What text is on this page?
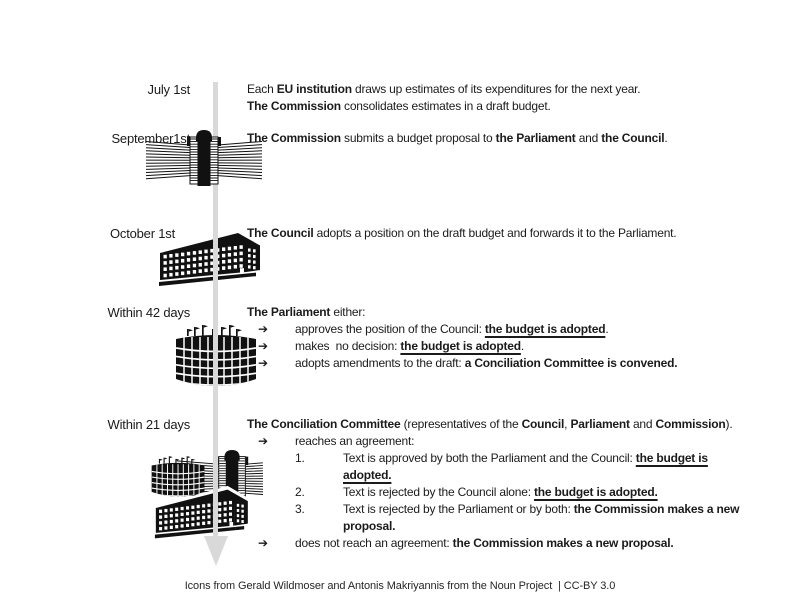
July 1st	Each EU institution draws up estimates of its expenditures for the next year.
The Commission consolidates estimates in a draft budget.
September1st	The Commission submits a budget proposal to the Parliament and the Council.
October 1st	The Council adopts a position on the draft budget and forwards it to the Parliament.
Within 42 days	The Parliament either:
➔ approves the position of the Council: the budget is adopted.
➔ makes  no decision: the budget is adopted.
➔ adopts amendments to the draft: a Conciliation Committee is convened.
Within 21 days	The Conciliation Committee (representatives of the Council, Parliament and Commission).
➔ reaches an agreement:
1.	Text is approved by both the Parliament and the Council: the budget is
adopted.
2.	Text is rejected by the Council alone: the budget is adopted.
3.	Text is rejected by the Parliament or by both: the Commission makes a new
proposal.
➔ does not reach an agreement: the Commission makes a new proposal.
Icons from Gerald Wildmoser and Antonis Makriyannis from the Noun Project  | CC-BY 3.0
